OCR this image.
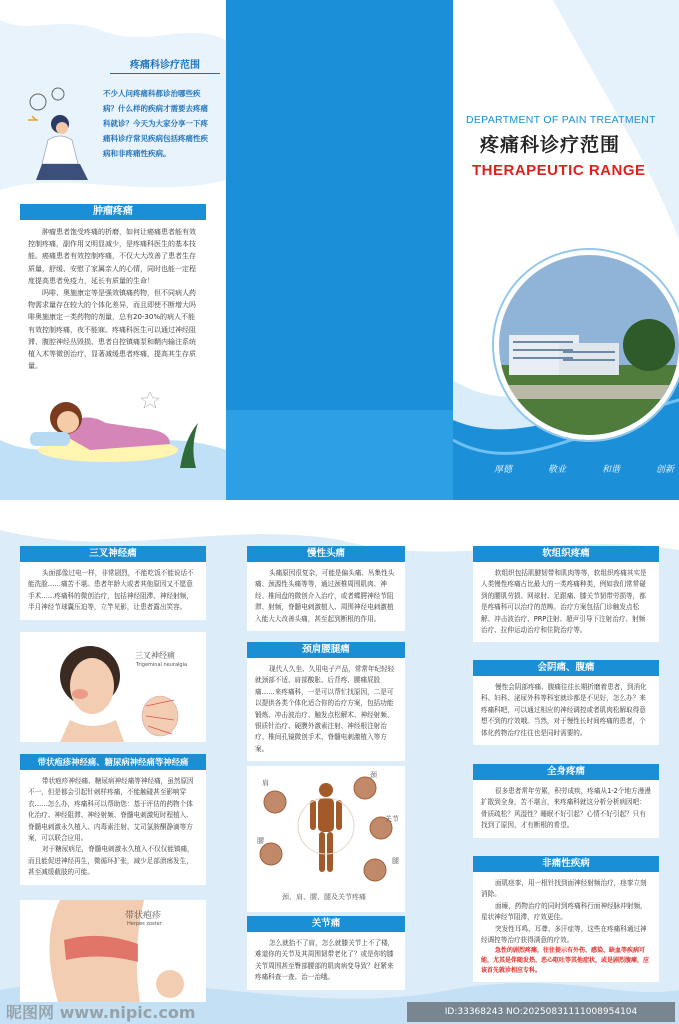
疼痛科诊疗范围
不少人问疼痛科都诊治哪些疾病？什么样的疾病才需要去疼痛科就诊？今天为大家分享一下疼痛科诊疗常见疾病包括疼痛性疾病和非疼痛性疾病。
肿瘤疼痛

肿瘤患者饱受疼痛的折磨，如何让癌痛患者能有效控制疼痛，副作用又明显减少，是疼痛科医生的基本技能。癌痛患者有效控制疼痛，不仅大大改善了患者生存质量，舒缓、安慰了家属亲人的心情，同时也能一定程度提高患者免疫力，延长有质量的生命！

吗啡、奥施康定等是强效镇痛药物，但不同病人药物需求量存在较大的个体化差异，而且即使不断增大吗啡奥施康定一类药物的剂量，总有20-30%的病人不能有效控制疼痛，夜不能寐。疼痛科医生可以通过神经阻滞、腹腔神经丛毁损、患者自控镇痛泵和鞘内输注系统植入术等微创治疗，显著减缓患者疼痛，提高其生存质量。

DEPARTMENT OF PAIN TREATMENT
疼痛科诊疗范围
THERAPEUTIC RANGE
厚德	敬业	和谐	创新
三叉神经痛

头面部像过电一样，非常剧烈，不能吃饭不能说话不能洗脸……痛苦不堪。患者年龄大或者其他原因又不愿意手术……疼痛科的微创治疗，包括神经阻滞、神经射频，半月神经节球囊压迫等，立竿见影，让患者露出笑容。

三叉神经痛
Trigeminal neuralgia
带状疱疹神经痛、糖尿病神经痛等神经痛

带状疱疹神经痛、糖尿病神经痛等神经痛，虽然原因不一，但是都会引起针刺样疼痛，不能触碰甚至影响穿衣……怎么办，疼痛科可以帮助您：基于评估的药物个体化治疗、神经阻滞、神经射频、脊髓电刺激短时程植入、脊髓电刺激永久植入、内毒素注射、艾司氯胺酮静滴等方案，可以联合应用。

对于糖尿病足，脊髓电刺激永久植入不仅仅能镇痛，而且能促进神经再生，微循环扩张，减少足部溃疡发生，甚至减缓截肢的可能。

带状疱疹
Herpes zoster
慢性头痛

头痛原因很复杂，可能是偏头痛、丛集性头痛、颈源性头痛等等，通过颈椎周围肌肉、神经、椎间盘的微创介入治疗，或者蝶腭神经节阻滞、射频，脊髓电刺激植入、周围神经电刺激植入能大大改善头痛，甚至起到断根的作用。

颈肩腰腿痛

现代人久坐、久用电子产品，常常年纪轻轻就颈部不适、肩部酸胀、后背疼、腰痛屁股痛……来疼痛科，一是可以帮忙找原因，二是可以提供各类个体化适合你的治疗方案，包括功能锻炼、冲击波治疗、触发点松解术、神经射频、银质针治疗、硬膜外激素注射、神经根注射治疗、椎间孔镜微创手术、脊髓电刺激植入等方案。

肩
颈
关节
腰
腿
颈、肩、腰、腿及关节疼痛
关节痛

怎么就抬不了肩，怎么就膝关节上不了楼，难道你的关节及其周围韧带老化了？或是你的膝关节周围甚至臀部腰部的肌肉病变导致？赶紧来疼痛科查一查、治一治哦。

软组织疼痛

软组织包括肌腱韧带和肌肉等等，软组织疼痛其实是人类慢性疼痛占比最大的一类疼痛种类，例如我们常常碰到的腰肌劳损、网球肘、足跟痛、膝关节韧带劳损等，都是疼痛科可以治疗的范畴。治疗方案包括门诊触发点松解、冲击波治疗、PRP注射、超声引导下注射治疗、射频治疗、拉伸运动治疗和住院治疗等。

会阴痛、腹痛

慢性会阴部疼痛、腹痛往往长期折磨着患者，到消化科、妇科、泌尿外科等科室就诊都是不见好，怎么办？来疼痛科吧，可以通过相应的神经调控或者肌肉松解取得意想不到的疗效哦。当然，对于慢性长时间疼痛的患者，个体化药物治疗往往也是同时需要的。

全身疼痛

很多患者常年劳累，积劳成疾，疼痛从1-2个地方漫漫扩散到全身，苦不堪言，来疼痛科就这分析分析病因吧：骨质疏松？风湿性？睡眠不好引起？心情不好引起？只有找到了原因，才有断根的希望。

非痛性疾病

面肌痉挛，用一根针找到面神经射频治疗，痉挛立刻消除。

面瘫，药物治疗的同时到疼痛科行面神经脉冲射频，星状神经节阻滞，疗效更佳。

突发性耳鸣、耳聋、多汗症等，这些在疼痛科通过神经调控等治疗获得满意的疗效。

急性的剧烈疼痛，往往提示有外伤、感染、缺血等疾病可能，尤其是伴随发热、恶心呕吐等其他症状，或是剧烈腹痛，应该首先就诊相应专科。

昵图网 www.nipic.com	ID:33368243 NO:20250831111008954104
